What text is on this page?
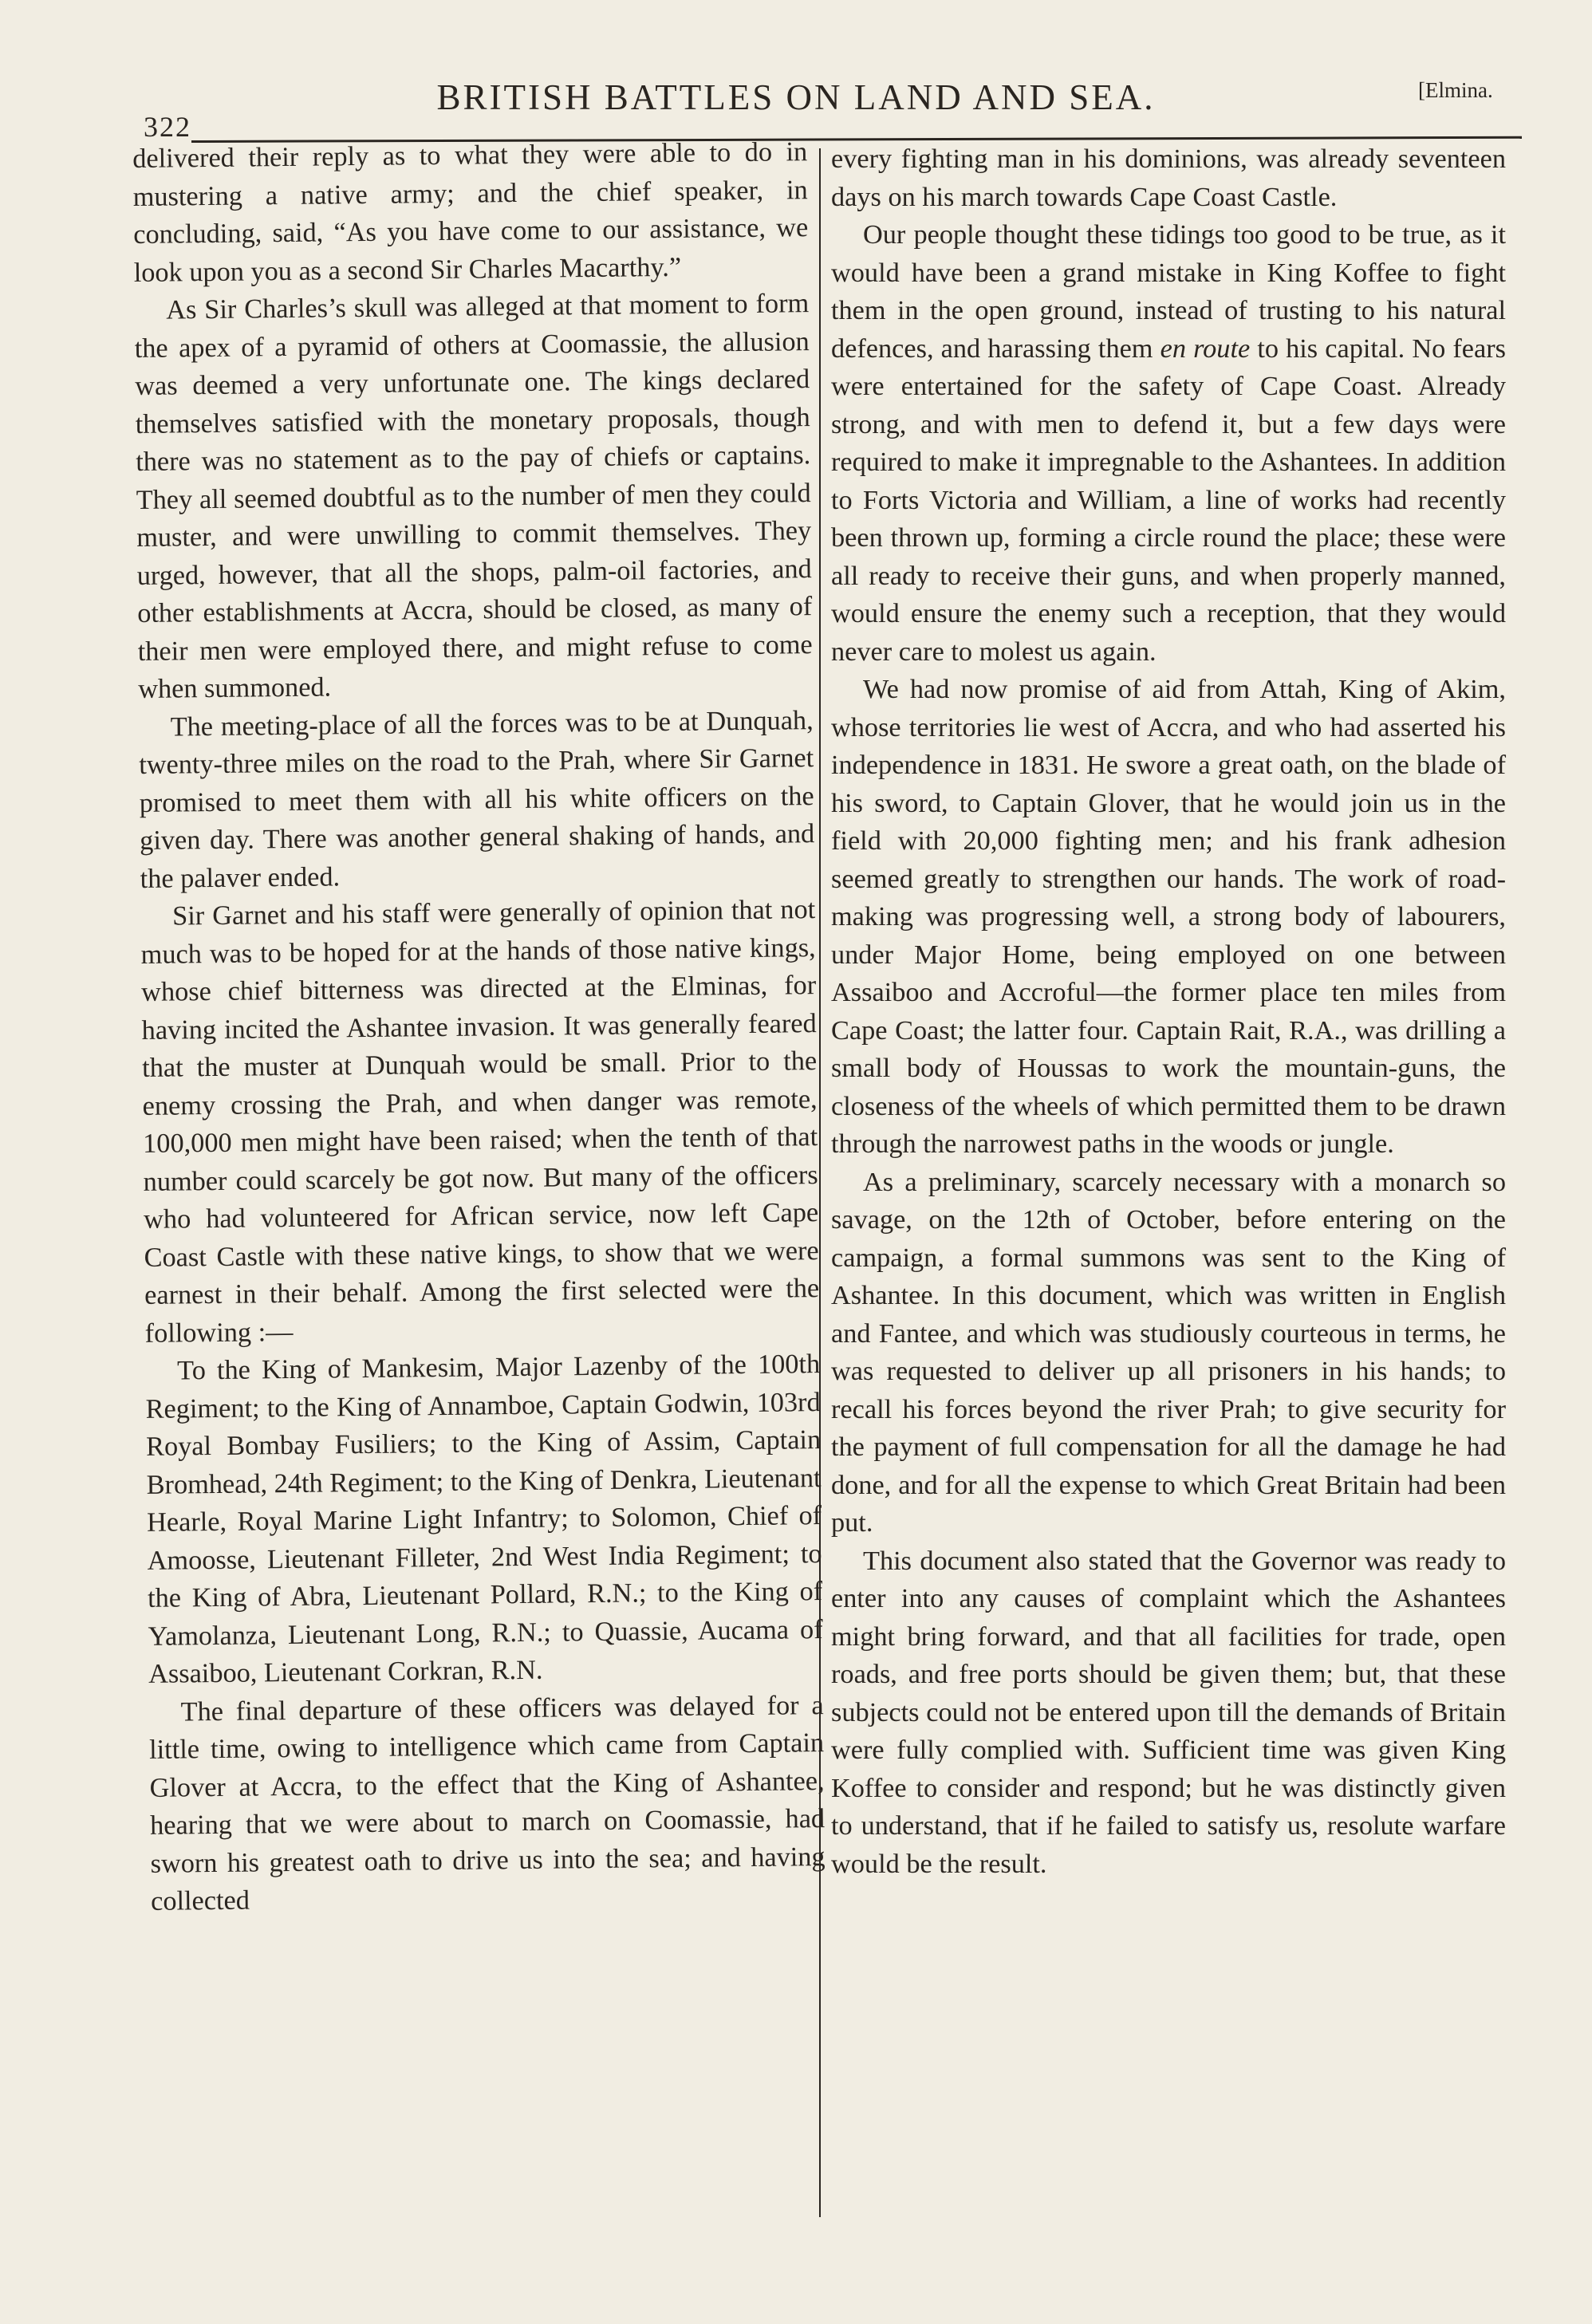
322
BRITISH BATTLES ON LAND AND SEA.	[Elmina.

delivered their reply as to what they were able to do in mustering a native army; and the chief speaker, in concluding, said, “As you have come to our assistance, we look upon you as a second Sir Charles Macarthy.”

As Sir Charles’s skull was alleged at that moment to form the apex of a pyramid of others at Coomassie, the allusion was deemed a very unfortunate one. The kings declared themselves satisfied with the monetary proposals, though there was no statement as to the pay of chiefs or captains. They all seemed doubtful as to the number of men they could muster, and were unwilling to commit themselves. They urged, however, that all the shops, palm-oil factories, and other establishments at Accra, should be closed, as many of their men were employed there, and might refuse to come when summoned.

The meeting-place of all the forces was to be at Dunquah, twenty-three miles on the road to the Prah, where Sir Garnet promised to meet them with all his white officers on the given day. There was another general shaking of hands, and the palaver ended.

Sir Garnet and his staff were generally of opinion that not much was to be hoped for at the hands of those native kings, whose chief bitterness was directed at the Elminas, for having incited the Ashantee invasion. It was generally feared that the muster at Dunquah would be small. Prior to the enemy crossing the Prah, and when danger was remote, 100,000 men might have been raised; when the tenth of that number could scarcely be got now. But many of the officers who had volunteered for African service, now left Cape Coast Castle with these native kings, to show that we were earnest in their behalf. Among the first selected were the following :—

To the King of Mankesim, Major Lazenby of the 100th Regiment; to the King of Annamboe, Captain Godwin, 103rd Royal Bombay Fusiliers; to the King of Assim, Captain Bromhead, 24th Regiment; to the King of Denkra, Lieutenant Hearle, Royal Marine Light Infantry; to Solomon, Chief of Amoosse, Lieutenant Filleter, 2nd West India Regiment; to the King of Abra, Lieutenant Pollard, R.N.; to the King of Yamolanza, Lieutenant Long, R.N.; to Quassie, Aucama of Assaiboo, Lieutenant Corkran, R.N.

The final departure of these officers was delayed for a little time, owing to intelligence which came from Captain Glover at Accra, to the effect that the King of Ashantee, hearing that we were about to march on Coomassie, had sworn his greatest oath to drive us into the sea; and having collected

every fighting man in his dominions, was already seventeen days on his march towards Cape Coast Castle.

Our people thought these tidings too good to be true, as it would have been a grand mistake in King Koffee to fight them in the open ground, instead of trusting to his natural defences, and harassing them en route to his capital. No fears were entertained for the safety of Cape Coast. Already strong, and with men to defend it, but a few days were required to make it impregnable to the Ashantees. In addition to Forts Victoria and William, a line of works had recently been thrown up, forming a circle round the place; these were all ready to receive their guns, and when properly manned, would ensure the enemy such a reception, that they would never care to molest us again.

We had now promise of aid from Attah, King of Akim, whose territories lie west of Accra, and who had asserted his independence in 1831. He swore a great oath, on the blade of his sword, to Captain Glover, that he would join us in the field with 20,000 fighting men; and his frank adhesion seemed greatly to strengthen our hands. The work of road-making was progressing well, a strong body of labourers, under Major Home, being employed on one between Assaiboo and Accroful—the former place ten miles from Cape Coast; the latter four. Captain Rait, R.A., was drilling a small body of Houssas to work the mountain-guns, the closeness of the wheels of which permitted them to be drawn through the narrowest paths in the woods or jungle.

As a preliminary, scarcely necessary with a monarch so savage, on the 12th of October, before entering on the campaign, a formal summons was sent to the King of Ashantee. In this document, which was written in English and Fantee, and which was studiously courteous in terms, he was requested to deliver up all prisoners in his hands; to recall his forces beyond the river Prah; to give security for the payment of full compensation for all the damage he had done, and for all the expense to which Great Britain had been put.

This document also stated that the Governor was ready to enter into any causes of complaint which the Ashantees might bring forward, and that all facilities for trade, open roads, and free ports should be given them; but, that these subjects could not be entered upon till the demands of Britain were fully complied with. Sufficient time was given King Koffee to consider and respond; but he was distinctly given to understand, that if he failed to satisfy us, resolute warfare would be the result.
